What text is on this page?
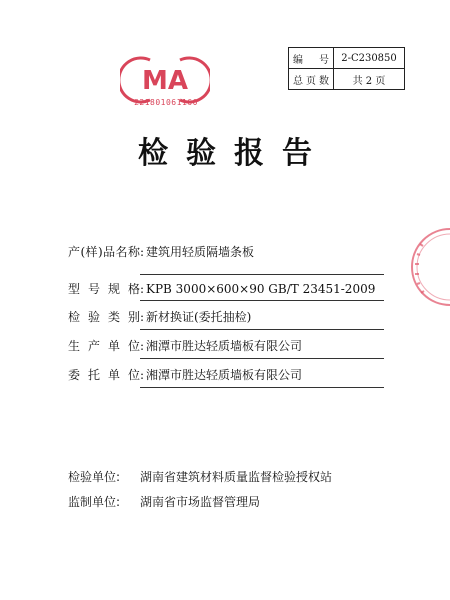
MA
221801061160
编 号	2-C230850
总页数	共 2 页
检验报告
产(样)品名称: 建筑用轻质隔墙条板
型号规格: KPB 3000×600×90 GB/T 23451-2009
检验类别: 新材换证(委托抽检)
生产单位: 湘潭市胜达轻质墙板有限公司
委托单位: 湘潭市胜达轻质墙板有限公司
检验单位: 湖南省建筑材料质量监督检验授权站
监制单位: 湖南省市场监督管理局
